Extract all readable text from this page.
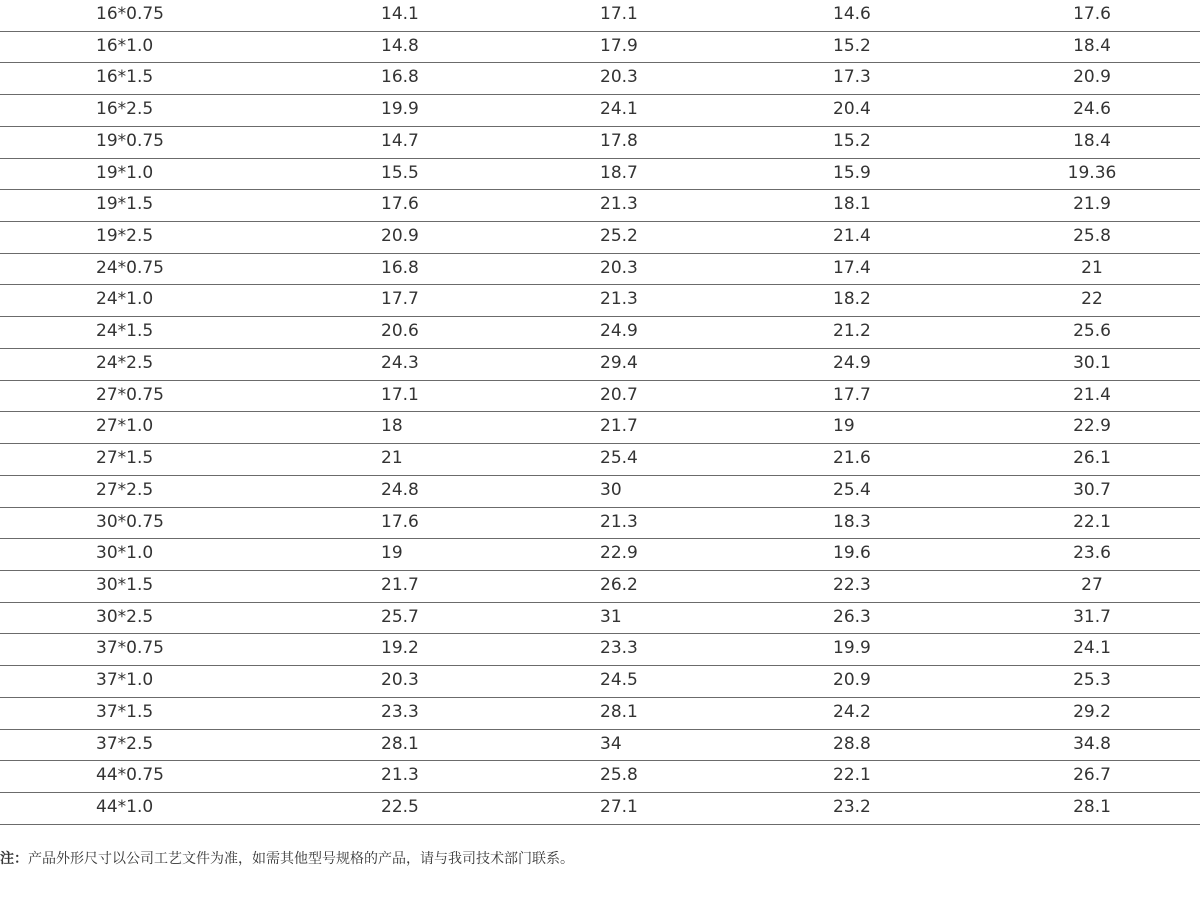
注：产品外形尺寸以公司工艺文件为准，如需其他型号规格的产品，请与我司技术部门联系。
16*0.75	14.1	17.1	14.6	17.6
16*1.0	14.8	17.9	15.2	18.4
16*1.5	16.8	20.3	17.3	20.9
16*2.5	19.9	24.1	20.4	24.6
19*0.75	14.7	17.8	15.2	18.4
19*1.0	15.5	18.7	15.9	19.36
19*1.5	17.6	21.3	18.1	21.9
19*2.5	20.9	25.2	21.4	25.8
24*0.75	16.8	20.3	17.4	21
24*1.0	17.7	21.3	18.2	22
24*1.5	20.6	24.9	21.2	25.6
24*2.5	24.3	29.4	24.9	30.1
27*0.75	17.1	20.7	17.7	21.4
27*1.0	18	21.7	19	22.9
27*1.5	21	25.4	21.6	26.1
27*2.5	24.8	30	25.4	30.7
30*0.75	17.6	21.3	18.3	22.1
30*1.0	19	22.9	19.6	23.6
30*1.5	21.7	26.2	22.3	27
30*2.5	25.7	31	26.3	31.7
37*0.75	19.2	23.3	19.9	24.1
37*1.0	20.3	24.5	20.9	25.3
37*1.5	23.3	28.1	24.2	29.2
37*2.5	28.1	34	28.8	34.8
44*0.75	21.3	25.8	22.1	26.7
44*1.0	22.5	27.1	23.2	28.1
